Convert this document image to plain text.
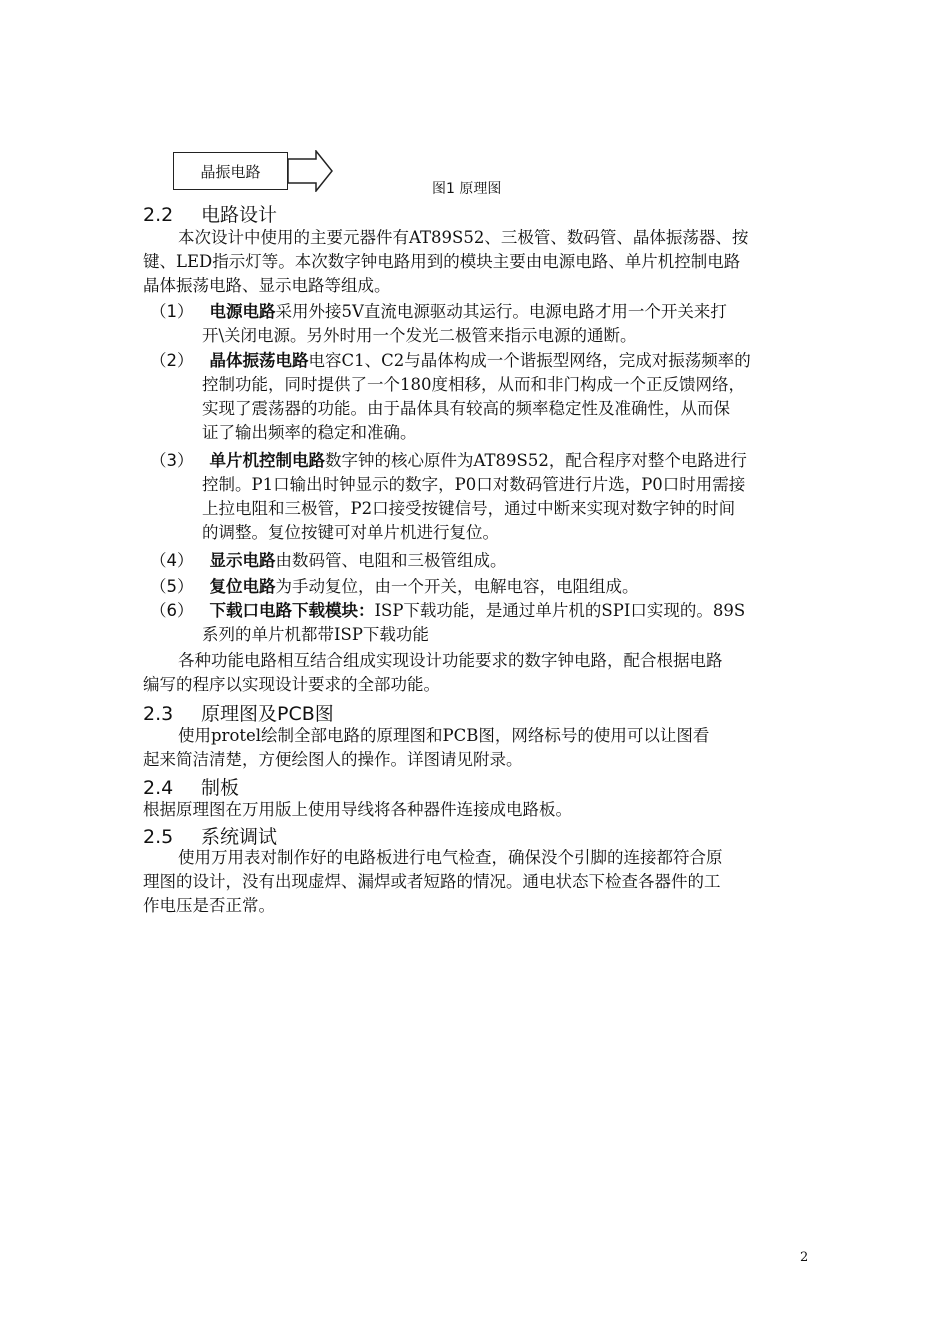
晶振电路
图1 原理图
2.2 电路设计
本次设计中使用的主要元器件有AT89S52、三极管、数码管、晶体振荡器、按
键、LED指示灯等。本次数字钟电路用到的模块主要由电源电路、单片机控制电路
晶体振荡电路、显示电路等组成。
（1） 电源电路采用外接5V直流电源驱动其运行。电源电路才用一个开关来打
开\关闭电源。另外时用一个发光二极管来指示电源的通断。
（2） 晶体振荡电路电容C1、C2与晶体构成一个谐振型网络，完成对振荡频率的
控制功能，同时提供了一个180度相移，从而和非门构成一个正反馈网络，
实现了震荡器的功能。由于晶体具有较高的频率稳定性及准确性，从而保
证了输出频率的稳定和准确。
（3） 单片机控制电路数字钟的核心原件为AT89S52，配合程序对整个电路进行
控制。P1口输出时钟显示的数字，P0口对数码管进行片选，P0口时用需接
上拉电阻和三极管，P2口接受按键信号，通过中断来实现对数字钟的时间
的调整。复位按键可对单片机进行复位。
（4） 显示电路由数码管、电阻和三极管组成。
（5） 复位电路为手动复位，由一个开关，电解电容，电阻组成。
（6） 下载口电路下载模块：ISP下载功能，是通过单片机的SPI口实现的。89S
系列的单片机都带ISP下载功能
各种功能电路相互结合组成实现设计功能要求的数字钟电路，配合根据电路
编写的程序以实现设计要求的全部功能。
2.3 原理图及PCB图
使用protel绘制全部电路的原理图和PCB图，网络标号的使用可以让图看
起来简洁清楚，方便绘图人的操作。详图请见附录。
2.4 制板
根据原理图在万用版上使用导线将各种器件连接成电路板。
2.5 系统调试
使用万用表对制作好的电路板进行电气检查，确保没个引脚的连接都符合原
理图的设计，没有出现虚焊、漏焊或者短路的情况。通电状态下检查各器件的工
作电压是否正常。
2
